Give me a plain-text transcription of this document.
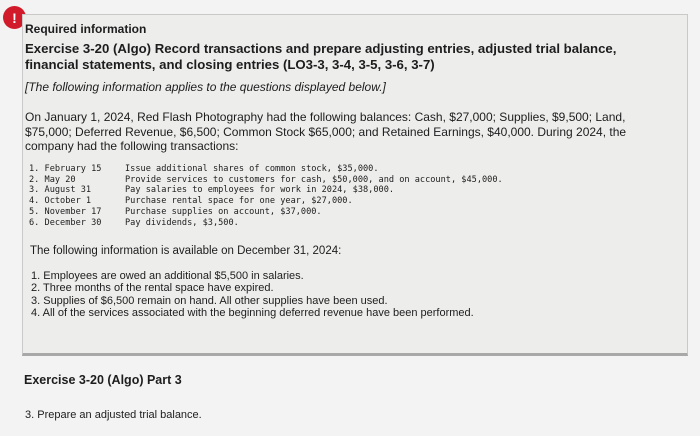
!
Required information
Exercise 3-20 (Algo) Record transactions and prepare adjusting entries, adjusted trial balance, financial statements, and closing entries (LO3-3, 3-4, 3-5, 3-6, 3-7)
[The following information applies to the questions displayed below.]
On January 1, 2024, Red Flash Photography had the following balances: Cash, $27,000; Supplies, $9,500; Land, $75,000; Deferred Revenue, $6,500; Common Stock $65,000; and Retained Earnings, $40,000. During 2024, the company had the following transactions:
1. February 15	Issue additional shares of common stock, $35,000.
2. May 20	Provide services to customers for cash, $50,000, and on account, $45,000.
3. August 31	Pay salaries to employees for work in 2024, $38,000.
4. October 1	Purchase rental space for one year, $27,000.
5. November 17	Purchase supplies on account, $37,000.
6. December 30	Pay dividends, $3,500.
The following information is available on December 31, 2024:
1. Employees are owed an additional $5,500 in salaries.
2. Three months of the rental space have expired.
3. Supplies of $6,500 remain on hand. All other supplies have been used.
4. All of the services associated with the beginning deferred revenue have been performed.
Exercise 3-20 (Algo) Part 3
3. Prepare an adjusted trial balance.
